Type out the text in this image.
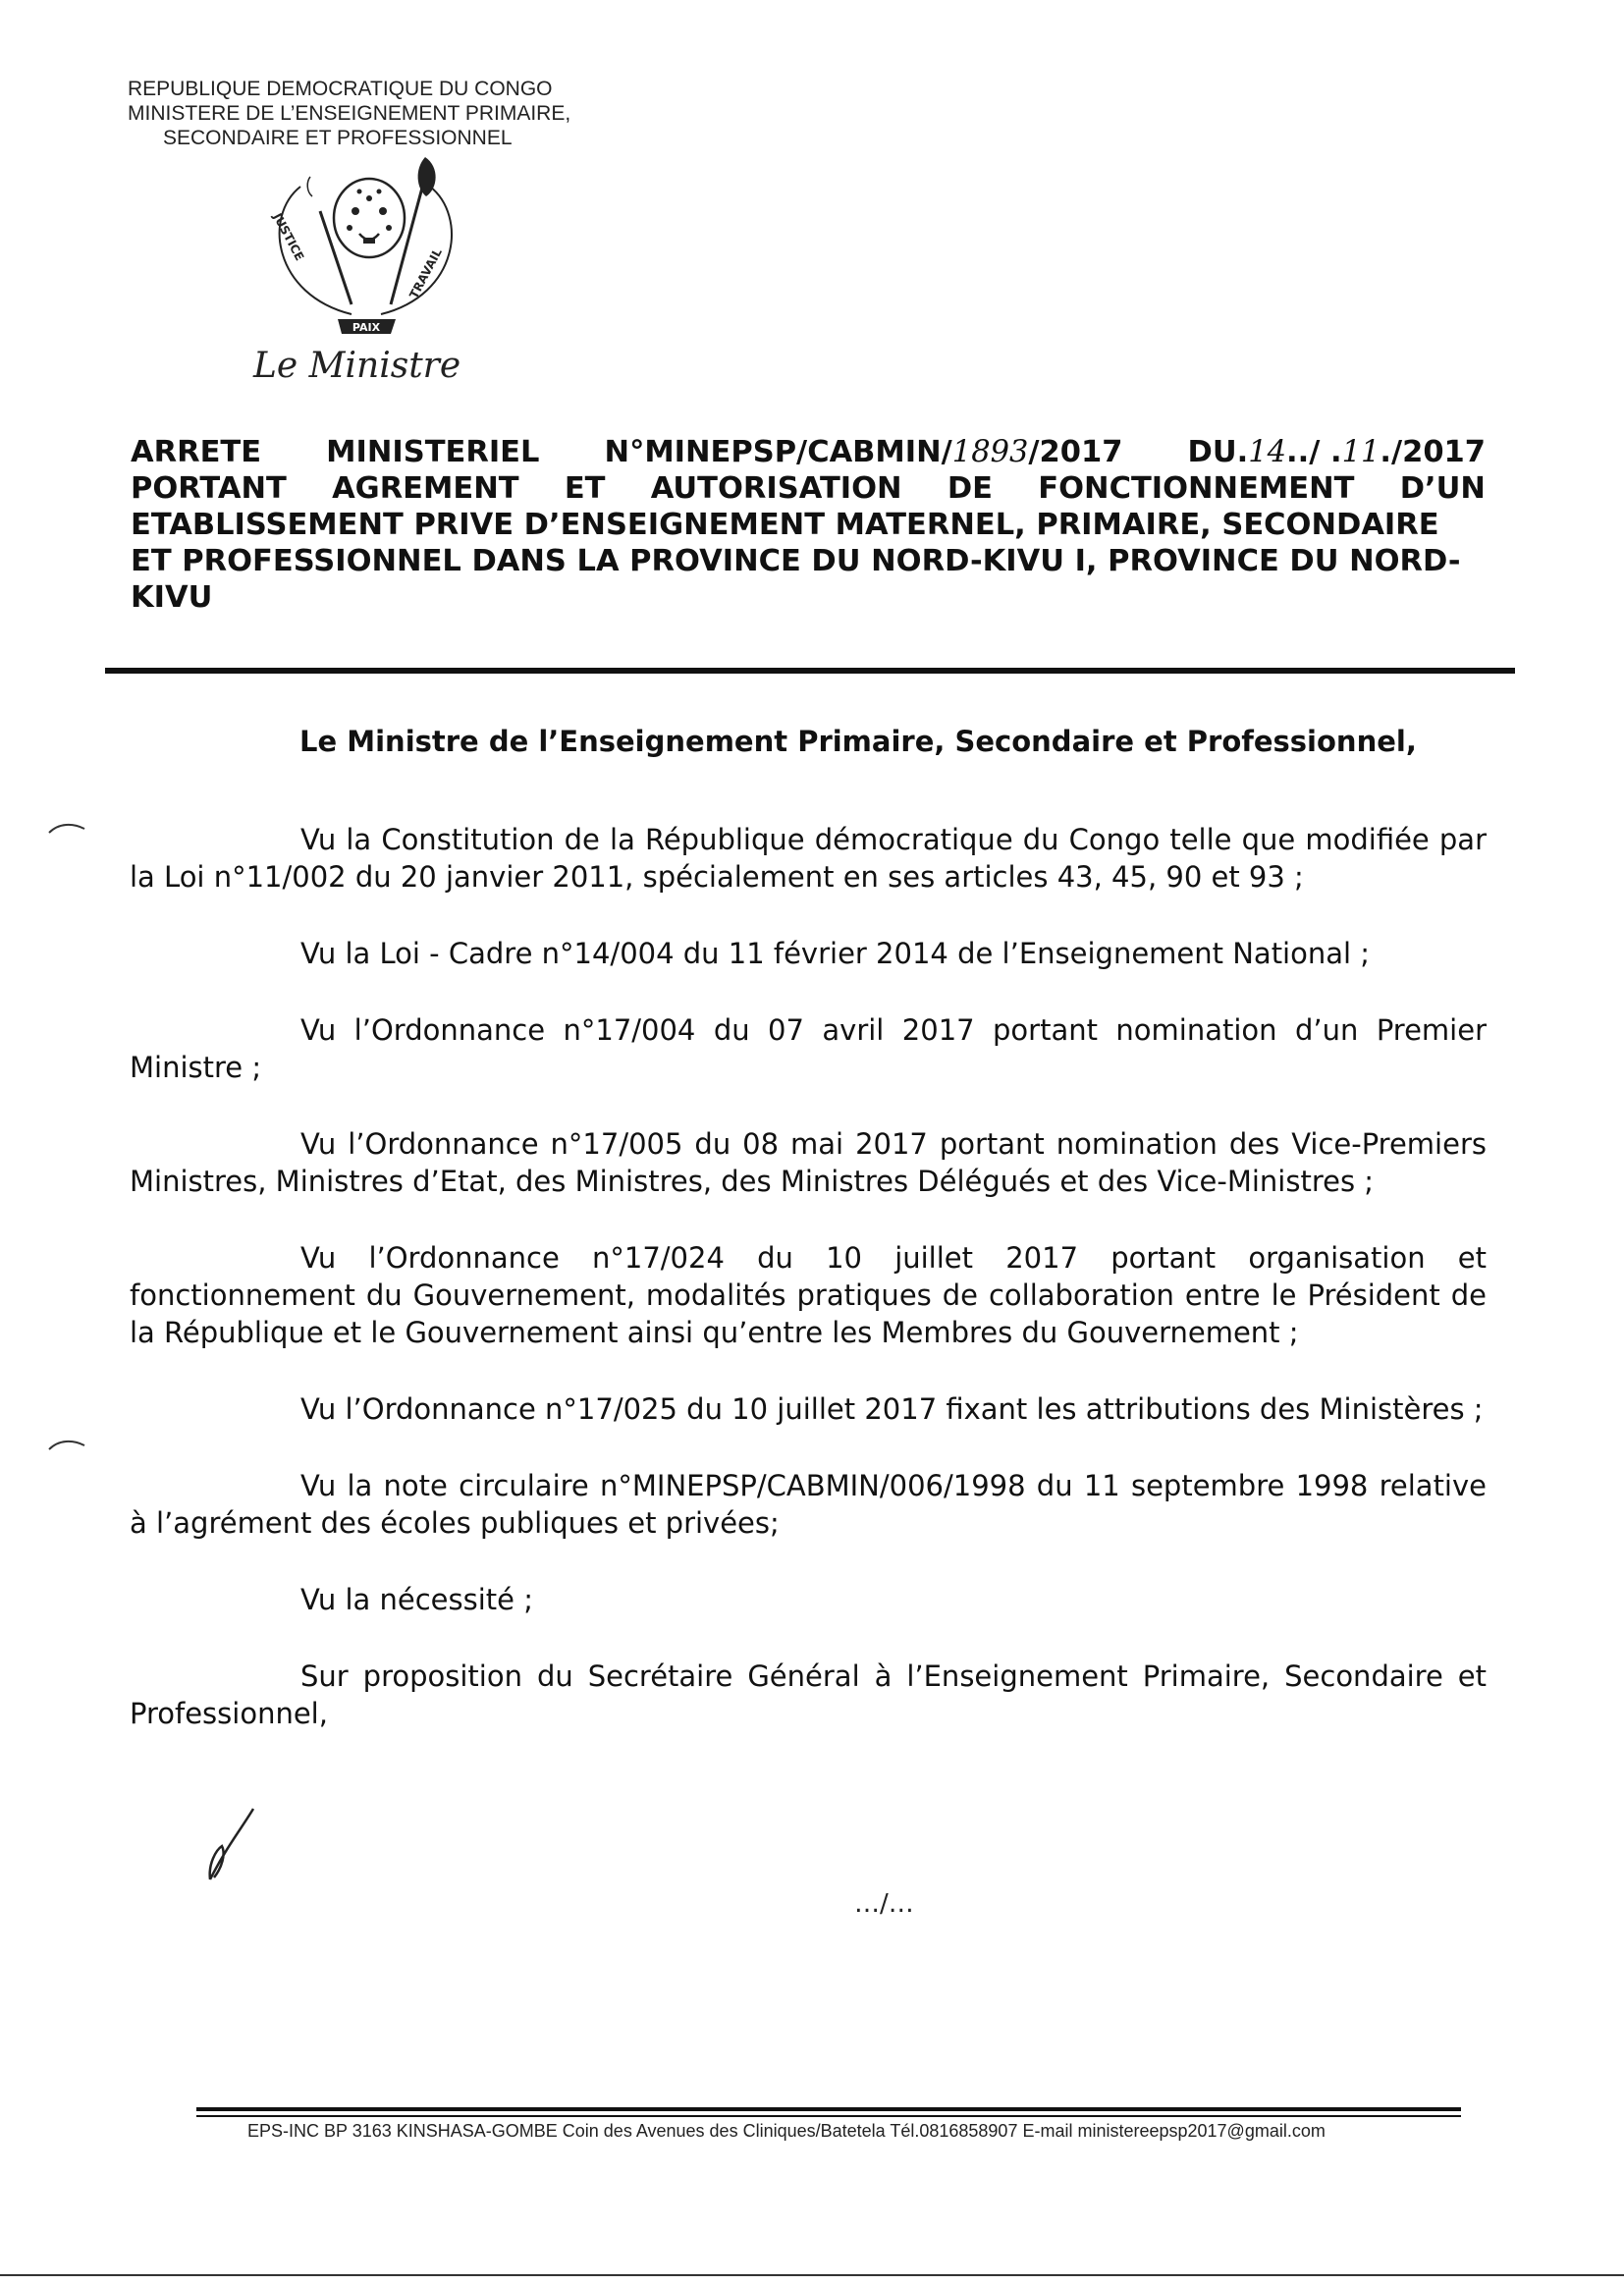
REPUBLIQUE DEMOCRATIQUE DU CONGO
MINISTERE DE L’ENSEIGNEMENT PRIMAIRE,
SECONDAIRE ET PROFESSIONNEL
PAIX
JUSTICE
TRAVAIL
Le Ministre
ARRETE MINISTERIEL N°MINEPSP/CABMIN/1893/2017 DU.14../ .11./2017
PORTANT AGREMENT ET AUTORISATION DE FONCTIONNEMENT D’UN
ETABLISSEMENT PRIVE D’ENSEIGNEMENT MATERNEL, PRIMAIRE, SECONDAIRE
ET PROFESSIONNEL DANS LA PROVINCE DU NORD-KIVU I, PROVINCE DU NORD-
KIVU
Le Ministre de l’Enseignement Primaire, Secondaire et Professionnel,

Vu la Constitution de la République démocratique du Congo telle que modifiée par la Loi n°11/002 du 20 janvier 2011, spécialement en ses articles 43, 45, 90 et 93 ;

Vu la Loi - Cadre n°14/004 du 11 février 2014 de l’Enseignement National ;

Vu l’Ordonnance n°17/004 du 07 avril 2017 portant nomination d’un Premier Ministre ;

Vu l’Ordonnance n°17/005 du 08 mai 2017 portant nomination des Vice-Premiers Ministres, Ministres d’Etat, des Ministres, des Ministres Délégués et des Vice-Ministres ;

Vu l’Ordonnance n°17/024 du 10 juillet 2017 portant organisation et fonctionnement du Gouvernement, modalités pratiques de collaboration entre le Président de la République et le Gouvernement ainsi qu’entre les Membres du Gouvernement ;

Vu l’Ordonnance n°17/025 du 10 juillet 2017 fixant les attributions des Ministères ;

Vu la note circulaire n°MINEPSP/CABMIN/006/1998 du 11 septembre 1998 relative à l’agrément des écoles publiques et privées;

Vu la nécessité ;

Sur proposition du Secrétaire Général à l’Enseignement Primaire, Secondaire et Professionnel,

…/…
EPS-INC BP 3163 KINSHASA-GOMBE Coin des Avenues des Cliniques/Batetela Tél.0816858907 E-mail ministereepsp2017@gmail.com
